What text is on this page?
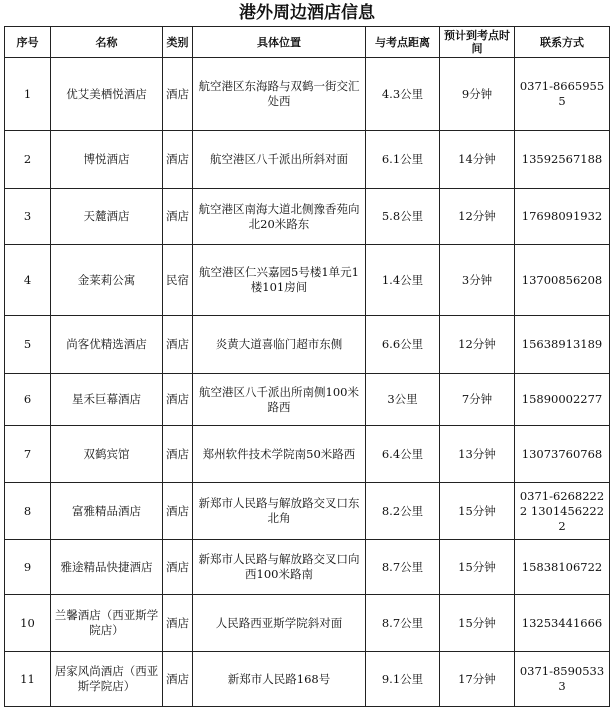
港外周边酒店信息
序号	名称	类别	具体位置	与考点距离	预计到考点时间	联系方式
1	优艾美栖悦酒店	酒店	航空港区东海路与双鹤一街交汇处西	4.3公里	9分钟	0371-86659555
2	博悦酒店	酒店	航空港区八千派出所斜对面	6.1公里	14分钟	13592567188
3	天麓酒店	酒店	航空港区南海大道北侧豫香苑向北20米路东	5.8公里	12分钟	17698091932
4	金莱莉公寓	民宿	航空港区仁兴嘉园5号楼1单元1楼101房间	1.4公里	3分钟	13700856208
5	尚客优精选酒店	酒店	炎黄大道喜临门超市东侧	6.6公里	12分钟	15638913189
6	星禾巨幕酒店	酒店	航空港区八千派出所南侧100米路西	3公里	7分钟	15890002277
7	双鹤宾馆	酒店	郑州软件技术学院南50米路西	6.4公里	13分钟	13073760768
8	富雅精品酒店	酒店	新郑市人民路与解放路交叉口东北角	8.2公里	15分钟	0371-62682222 13014562222
9	雅途精品快捷酒店	酒店	新郑市人民路与解放路交叉口向西100米路南	8.7公里	15分钟	15838106722
10	兰馨酒店（西亚斯学院店）	酒店	人民路西亚斯学院斜对面	8.7公里	15分钟	13253441666
11	居家风尚酒店（西亚斯学院店）	酒店	新郑市人民路168号	9.1公里	17分钟	0371-85905333
